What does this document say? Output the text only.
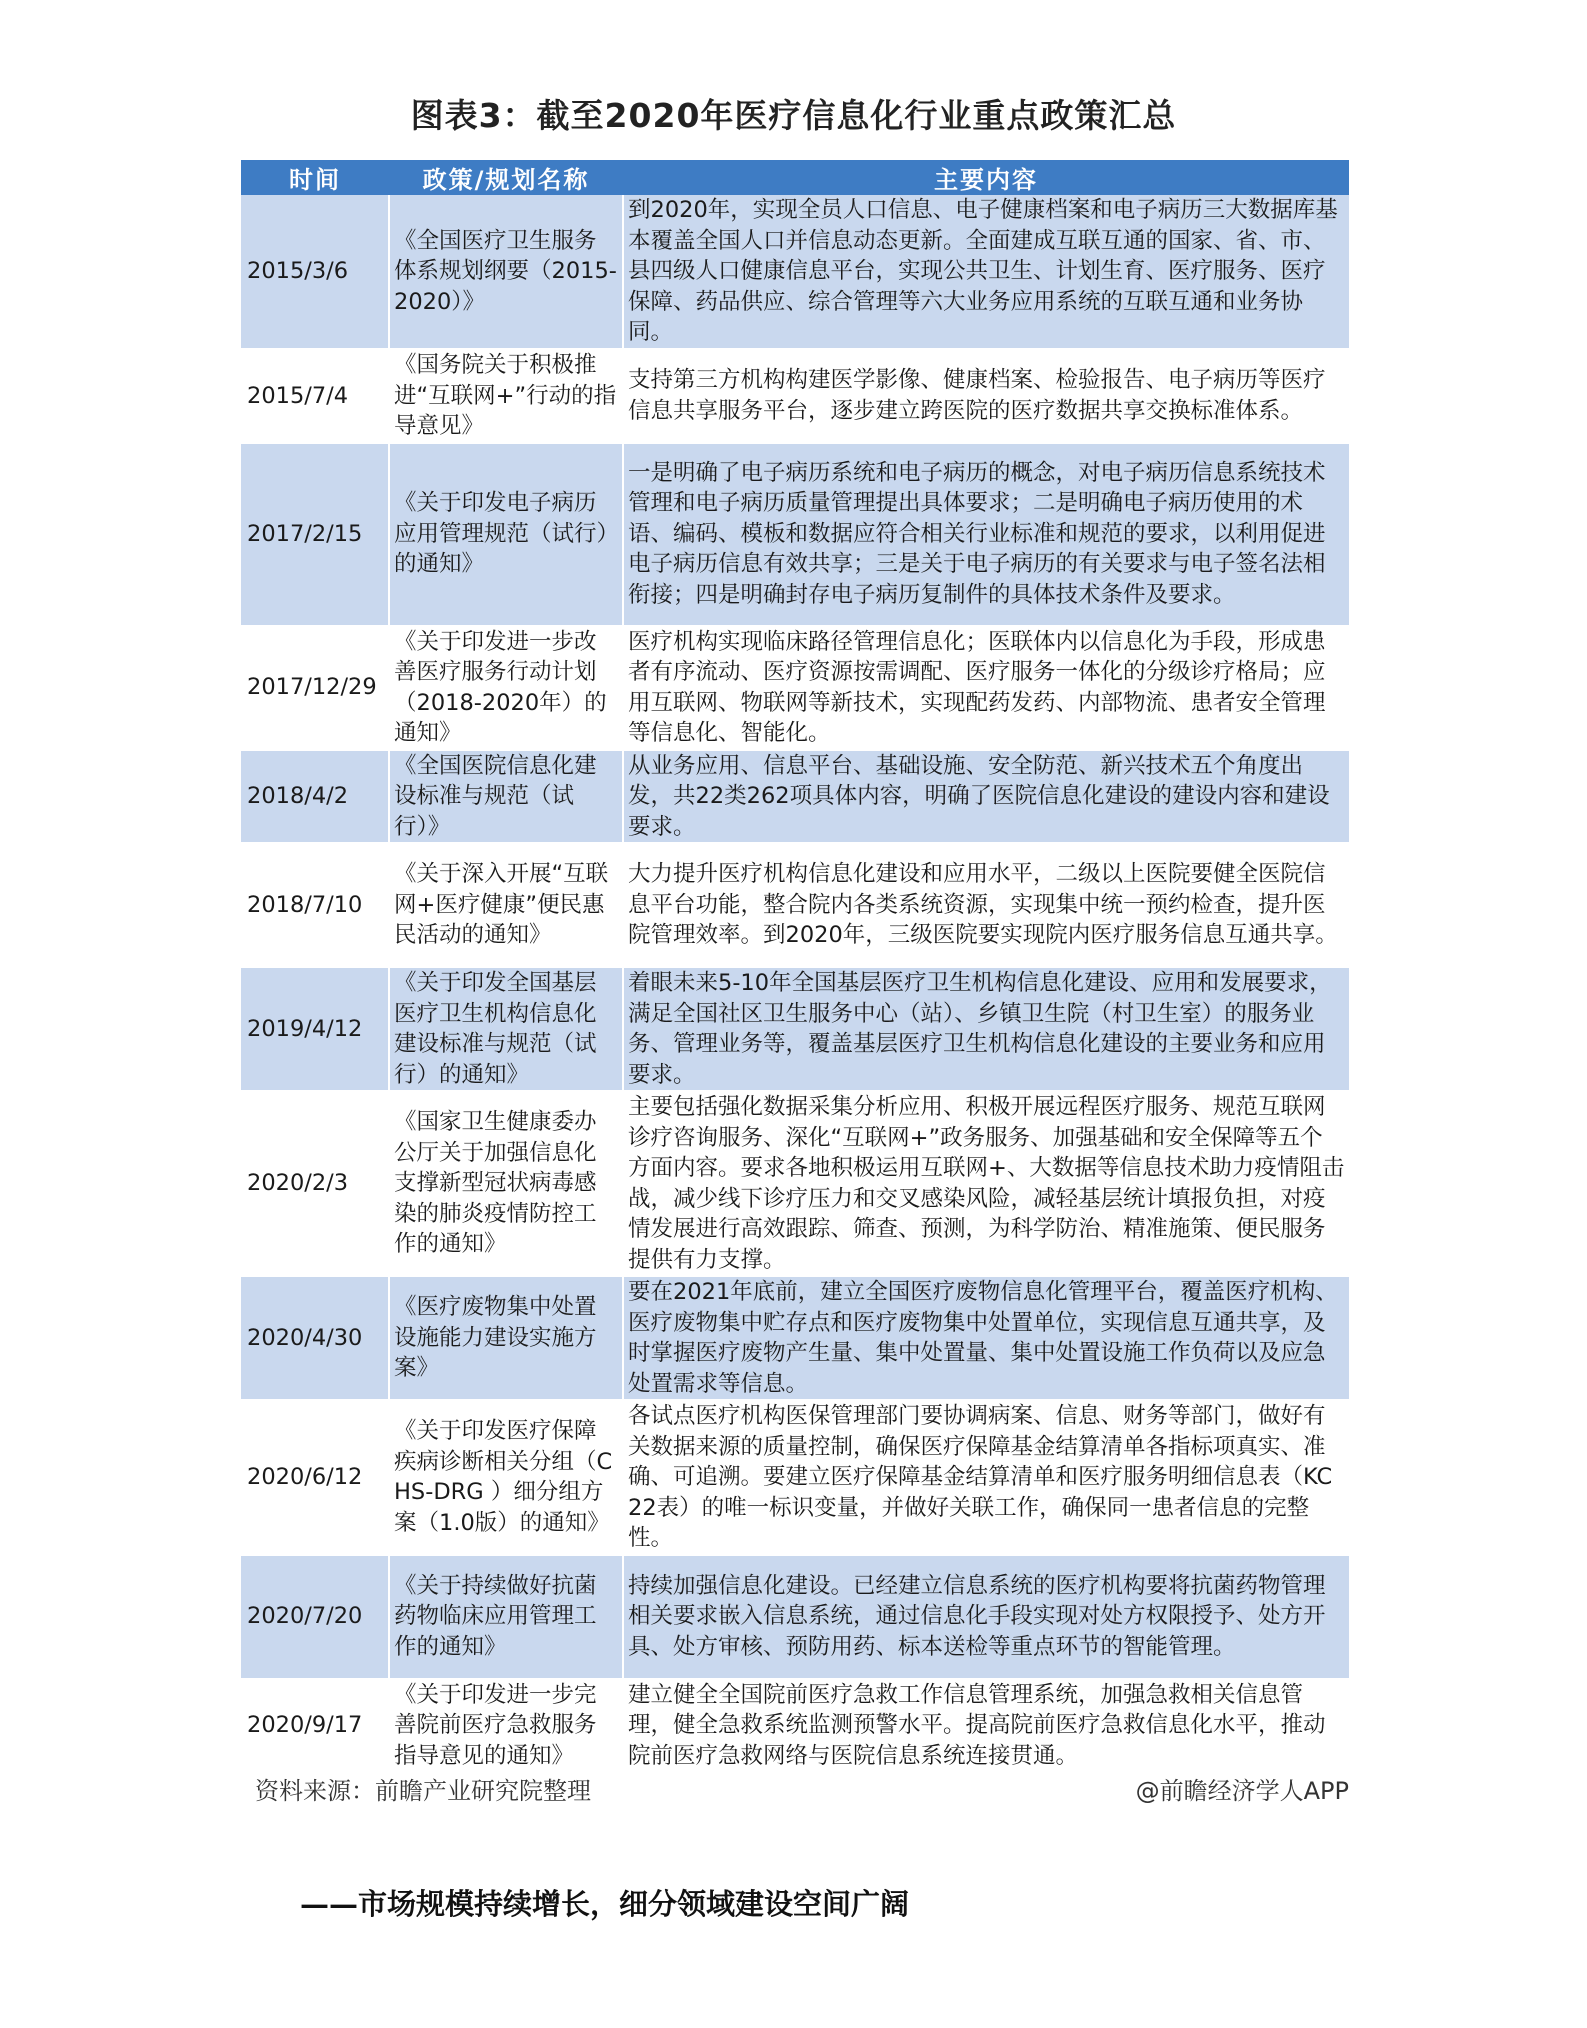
图表3：截至2020年医疗信息化行业重点政策汇总
时间	政策/规划名称	主要内容
2015/3/6	《全国医疗卫生服务体系规划纲要（2015-2020）》	到2020年，实现全员人口信息、电子健康档案和电子病历三大数据库基本覆盖全国人口并信息动态更新。全面建成互联互通的国家、省、市、县四级人口健康信息平台，实现公共卫生、计划生育、医疗服务、医疗保障、药品供应、综合管理等六大业务应用系统的互联互通和业务协同。
2015/7/4	《国务院关于积极推进“互联网+”行动的指导意见》	支持第三方机构构建医学影像、健康档案、检验报告、电子病历等医疗信息共享服务平台，逐步建立跨医院的医疗数据共享交换标准体系。
2017/2/15	《关于印发电子病历应用管理规范（试行）的通知》	一是明确了电子病历系统和电子病历的概念，对电子病历信息系统技术管理和电子病历质量管理提出具体要求；二是明确电子病历使用的术语、编码、模板和数据应符合相关行业标准和规范的要求，以利用促进电子病历信息有效共享；三是关于电子病历的有关要求与电子签名法相衔接；四是明确封存电子病历复制件的具体技术条件及要求。
2017/12/29	《关于印发进一步改善医疗服务行动计划（2018-2020年）的通知》	医疗机构实现临床路径管理信息化；医联体内以信息化为手段，形成患者有序流动、医疗资源按需调配、医疗服务一体化的分级诊疗格局；应用互联网、物联网等新技术，实现配药发药、内部物流、患者安全管理等信息化、智能化。
2018/4/2	《全国医院信息化建设标准与规范（试行）》	从业务应用、信息平台、基础设施、安全防范、新兴技术五个角度出发，共22类262项具体内容，明确了医院信息化建设的建设内容和建设要求。
2018/7/10	《关于深入开展“互联网+医疗健康”便民惠民活动的通知》	大力提升医疗机构信息化建设和应用水平，二级以上医院要健全医院信息平台功能，整合院内各类系统资源，实现集中统一预约检查，提升医院管理效率。到2020年，三级医院要实现院内医疗服务信息互通共享。
2019/4/12	《关于印发全国基层医疗卫生机构信息化建设标准与规范（试行）的通知》	着眼未来5-10年全国基层医疗卫生机构信息化建设、应用和发展要求，满足全国社区卫生服务中心（站）、乡镇卫生院（村卫生室）的服务业务、管理业务等，覆盖基层医疗卫生机构信息化建设的主要业务和应用要求。
2020/2/3	《国家卫生健康委办公厅关于加强信息化支撑新型冠状病毒感染的肺炎疫情防控工作的通知》	主要包括强化数据采集分析应用、积极开展远程医疗服务、规范互联网诊疗咨询服务、深化“互联网+”政务服务、加强基础和安全保障等五个方面内容。要求各地积极运用互联网+、大数据等信息技术助力疫情阻击战，减少线下诊疗压力和交叉感染风险，减轻基层统计填报负担，对疫情发展进行高效跟踪、筛查、预测，为科学防治、精准施策、便民服务提供有力支撑。
2020/4/30	《医疗废物集中处置设施能力建设实施方案》	要在2021年底前，建立全国医疗废物信息化管理平台，覆盖医疗机构、医疗废物集中贮存点和医疗废物集中处置单位，实现信息互通共享，及时掌握医疗废物产生量、集中处置量、集中处置设施工作负荷以及应急处置需求等信息。
2020/6/12	《关于印发医疗保障疾病诊断相关分组（CHS-DRG ）细分组方案（1.0版）的通知》	各试点医疗机构医保管理部门要协调病案、信息、财务等部门，做好有关数据来源的质量控制，确保医疗保障基金结算清单各指标项真实、准确、可追溯。要建立医疗保障基金结算清单和医疗服务明细信息表（KC22表）的唯一标识变量，并做好关联工作，确保同一患者信息的完整性。
2020/7/20	《关于持续做好抗菌药物临床应用管理工作的通知》	持续加强信息化建设。已经建立信息系统的医疗机构要将抗菌药物管理相关要求嵌入信息系统，通过信息化手段实现对处方权限授予、处方开具、处方审核、预防用药、标本送检等重点环节的智能管理。
2020/9/17	《关于印发进一步完善院前医疗急救服务指导意见的通知》	建立健全全国院前医疗急救工作信息管理系统，加强急救相关信息管理，健全急救系统监测预警水平。提高院前医疗急救信息化水平，推动院前医疗急救网络与医院信息系统连接贯通。
资料来源：前瞻产业研究院整理	@前瞻经济学人APP
——市场规模持续增长，细分领域建设空间广阔
